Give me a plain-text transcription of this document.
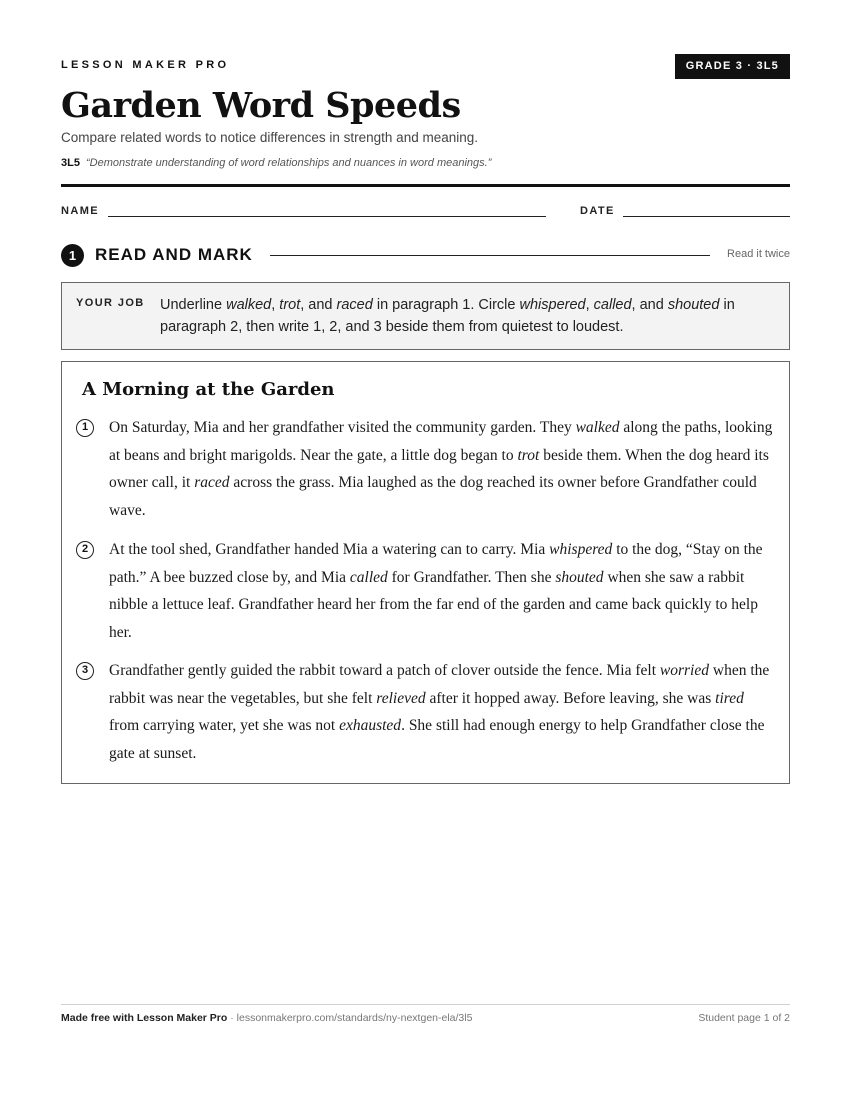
LESSON MAKER PRO	GRADE 3 · 3L5
Garden Word Speeds
Compare related words to notice differences in strength and meaning.
3L5 “Demonstrate understanding of word relationships and nuances in word meanings.”
NAME	DATE
1	READ AND MARK	Read it twice
YOUR JOB Underline walked, trot, and raced in paragraph 1. Circle whispered, called, and shouted in paragraph 2, then write 1, 2, and 3 beside them from quietest to loudest.
A Morning at the Garden
1	On Saturday, Mia and her grandfather visited the community garden. They walked along the paths, looking at beans and bright marigolds. Near the gate, a little dog began to trot beside them. When the dog heard its owner call, it raced across the grass. Mia laughed as the dog reached its owner before Grandfather could wave.

2	At the tool shed, Grandfather handed Mia a watering can to carry. Mia whispered to the dog, “Stay on the path.” A bee buzzed close by, and Mia called for Grandfather. Then she shouted when she saw a rabbit nibble a lettuce leaf. Grandfather heard her from the far end of the garden and came back quickly to help her.

3	Grandfather gently guided the rabbit toward a patch of clover outside the fence. Mia felt worried when the rabbit was near the vegetables, but she felt relieved after it hopped away. Before leaving, she was tired from carrying water, yet she was not exhausted. She still had enough energy to help Grandfather close the gate at sunset.

Made free with Lesson Maker Pro · lessonmakerpro.com/standards/ny-nextgen-ela/3l5	Student page 1 of 2
